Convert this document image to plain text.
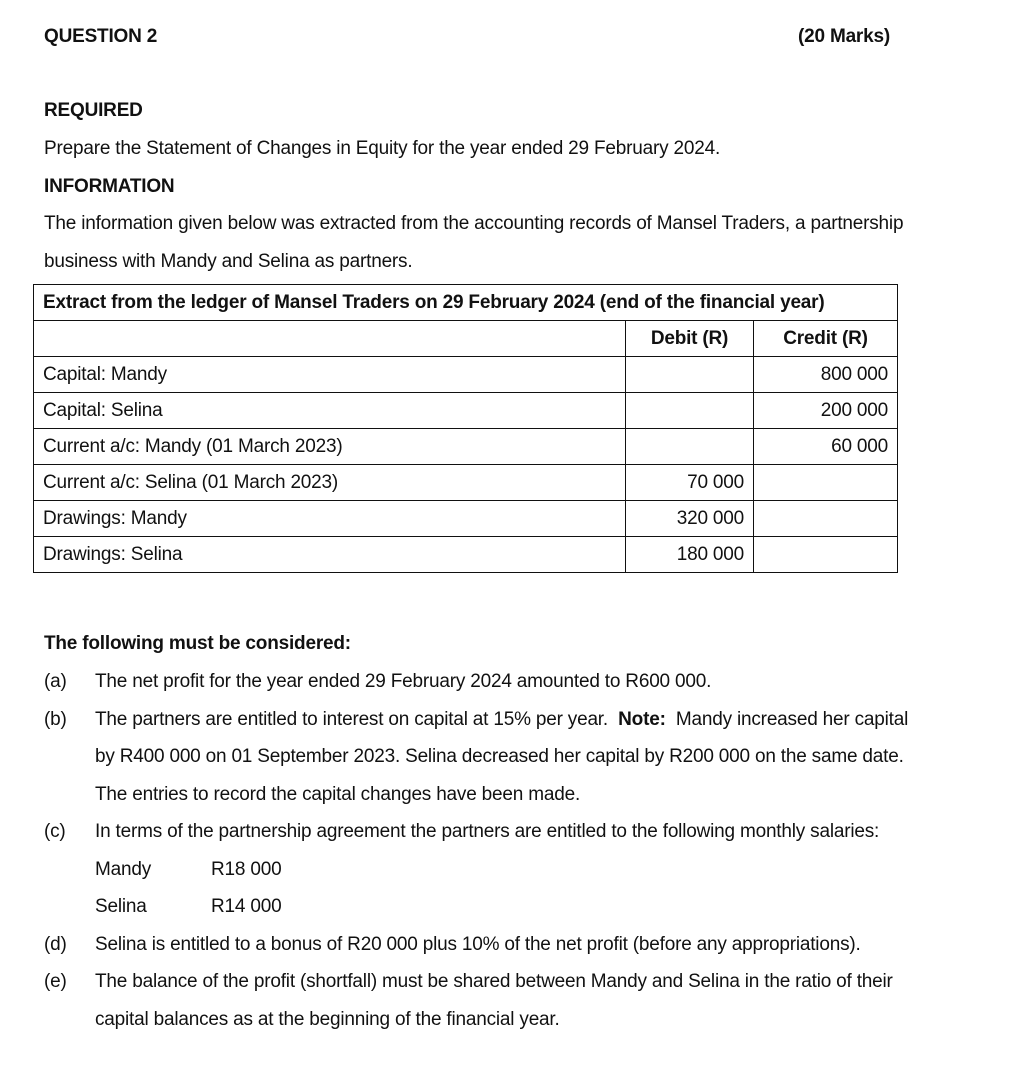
QUESTION 2	(20 Marks)
REQUIRED
Prepare the Statement of Changes in Equity for the year ended 29 February 2024.
INFORMATION
The information given below was extracted from the accounting records of Mansel Traders, a partnership
business with Mandy and Selina as partners.
Extract from the ledger of Mansel Traders on 29 February 2024 (end of the financial year)		
	Debit (R)	Credit (R)
Capital: Mandy		800 000
Capital: Selina		200 000
Current a/c: Mandy (01 March 2023)		60 000
Current a/c: Selina (01 March 2023)	70 000	
Drawings: Mandy	320 000	
Drawings: Selina	180 000	
The following must be considered:
(a) The net profit for the year ended 29 February 2024 amounted to R600 000.
(b) The partners are entitled to interest on capital at 15% per year. Note: Mandy increased her capital
by R400 000 on 01 September 2023. Selina decreased her capital by R200 000 on the same date.
The entries to record the capital changes have been made.
(c) In terms of the partnership agreement the partners are entitled to the following monthly salaries:
Mandy	R18 000
Selina	R14 000
(d) Selina is entitled to a bonus of R20 000 plus 10% of the net profit (before any appropriations).
(e) The balance of the profit (shortfall) must be shared between Mandy and Selina in the ratio of their
capital balances as at the beginning of the financial year.
